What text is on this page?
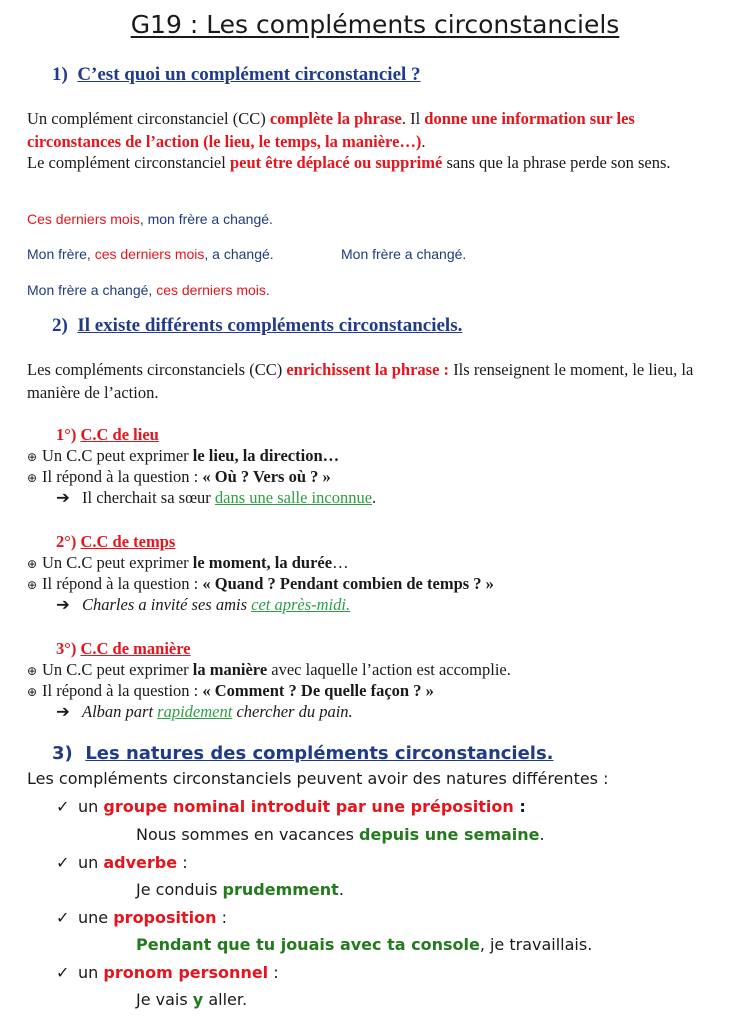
G19 : Les compléments circonstanciels
1) C’est quoi un complément circonstanciel ?
Un complément circonstanciel (CC) complète la phrase. Il donne une information sur les circonstances de l’action (le lieu, le temps, la manière…).
Le complément circonstanciel peut être déplacé ou supprimé sans que la phrase perde son sens.
Ces derniers mois, mon frère a changé.
Mon frère, ces derniers mois, a changé.	Mon frère a changé.
Mon frère a changé, ces derniers mois.
2) Il existe différents compléments circonstanciels.
Les compléments circonstanciels (CC) enrichissent la phrase : Ils renseignent le moment, le lieu, la manière de l’action.
1°) C.C de lieu
⊕ Un C.C peut exprimer le lieu, la direction…
⊕ Il répond à la question : « Où ? Vers où ? »
➔ Il cherchait sa sœur dans une salle inconnue.
2°) C.C de temps
⊕ Un C.C peut exprimer le moment, la durée…
⊕ Il répond à la question : « Quand ? Pendant combien de temps ? »
➔ Charles a invité ses amis cet après-midi.
3°) C.C de manière
⊕ Un C.C peut exprimer la manière avec laquelle l’action est accomplie.
⊕ Il répond à la question : « Comment ? De quelle façon ? »
➔ Alban part rapidement chercher du pain.
3) Les natures des compléments circonstanciels.
Les compléments circonstanciels peuvent avoir des natures différentes :
✓ un groupe nominal introduit par une préposition :
Nous sommes en vacances depuis une semaine.
✓ un adverbe :
Je conduis prudemment.
✓ une proposition :
Pendant que tu jouais avec ta console, je travaillais.
✓ un pronom personnel :
Je vais y aller.
